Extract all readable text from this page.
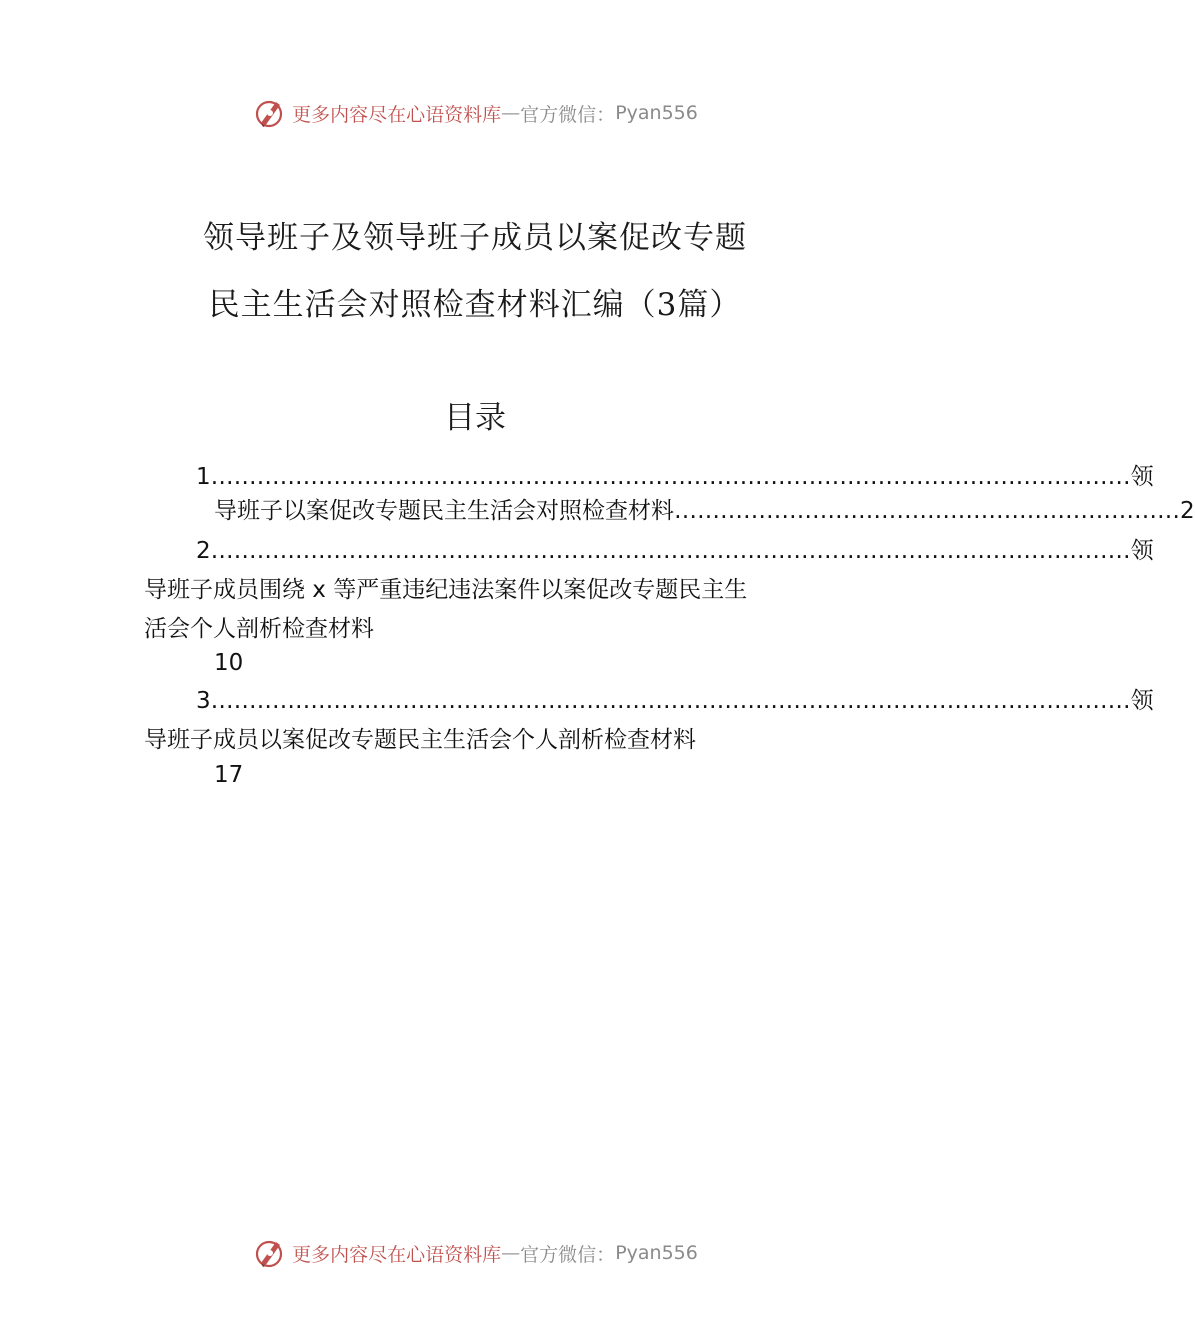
更多内容尽在心语资料库 — 官方微信： Pyan556
领导班子及领导班子成员以案促改专题
民主生活会对照检查材料汇编（3篇）
目录
1 ………………………………………………………………………………………………………… 领
导班子以案促改专题民主生活会对照检查材料 ………………………………………………………… 2
2 ………………………………………………………………………………………………………… 领
导班子成员围绕 x 等严重违纪违法案件以案促改专题民主生
活会个人剖析检查材料
10
3 ………………………………………………………………………………………………………… 领
导班子成员以案促改专题民主生活会个人剖析检查材料
17
更多内容尽在心语资料库 — 官方微信： Pyan556
